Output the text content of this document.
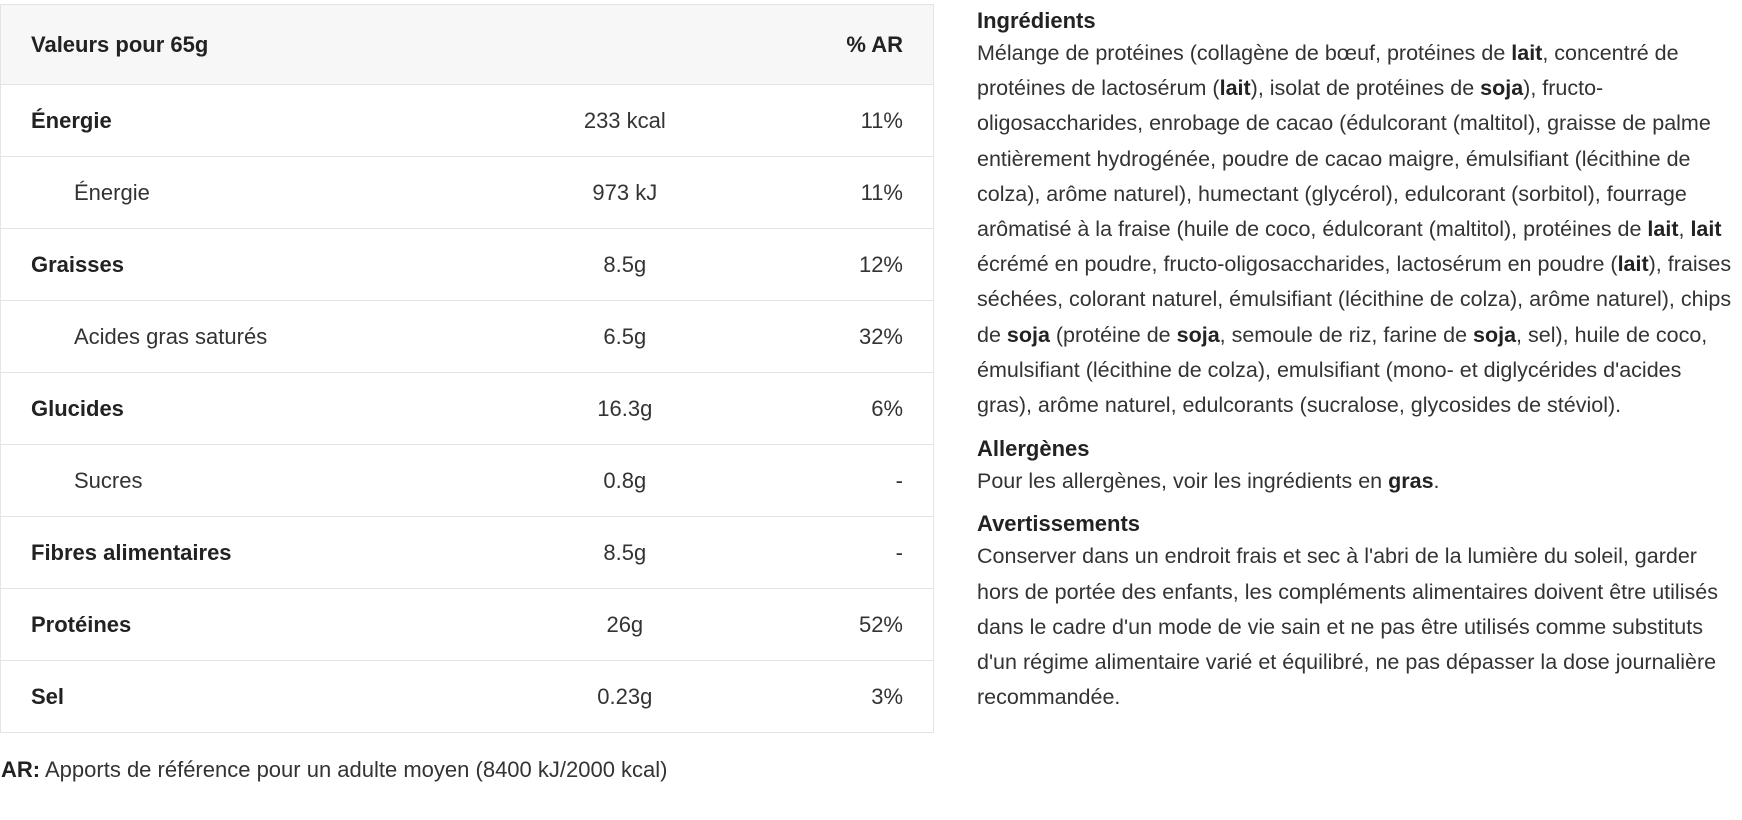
Valeurs pour 65g		% AR
Énergie	233 kcal	11%
Énergie	973 kJ	11%
Graisses	8.5g	12%
Acides gras saturés	6.5g	32%
Glucides	16.3g	6%
Sucres	0.8g	-
Fibres alimentaires	8.5g	-
Protéines	26g	52%
Sel	0.23g	3%
AR: Apports de référence pour un adulte moyen (8400 kJ/2000 kcal)
Ingrédients

Mélange de protéines (collagène de bœuf, protéines de lait, concentré de protéines de lactosérum (lait), isolat de protéines de soja), fructo-oligosaccharides, enrobage de cacao (édulcorant (maltitol), graisse de palme entièrement hydrogénée, poudre de cacao maigre, émulsifiant (lécithine de colza), arôme naturel), humectant (glycérol), edulcorant (sorbitol), fourrage arômatisé à la fraise (huile de coco, édulcorant (maltitol), protéines de lait, lait écrémé en poudre, fructo-oligosaccharides, lactosérum en poudre (lait), fraises séchées, colorant naturel, émulsifiant (lécithine de colza), arôme naturel), chips de soja (protéine de soja, semoule de riz, farine de soja, sel), huile de coco, émulsifiant (lécithine de colza), emulsifiant (mono- et diglycérides d'acides gras), arôme naturel, edulcorants (sucralose, glycosides de stéviol).

Allergènes

Pour les allergènes, voir les ingrédients en gras.

Avertissements

Conserver dans un endroit frais et sec à l'abri de la lumière du soleil, garder hors de portée des enfants, les compléments alimentaires doivent être utilisés dans le cadre d'un mode de vie sain et ne pas être utilisés comme substituts d'un régime alimentaire varié et équilibré, ne pas dépasser la dose journalière recommandée.
